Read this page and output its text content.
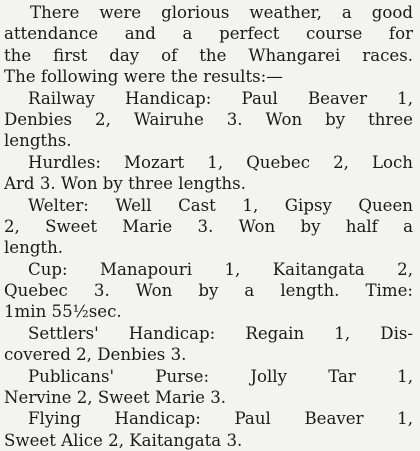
There were glorious weather, a good
attendance and a perfect course for
the first day of the Whangarei races.
The following were the results:—
Railway Handicap: Paul Beaver 1,
Denbies 2, Wairuhe 3. Won by three
lengths.
Hurdles: Mozart 1, Quebec 2, Loch
Ard 3. Won by three lengths.
Welter: Well Cast 1, Gipsy Queen
2, Sweet Marie 3. Won by half a
length.
Cup: Manapouri 1, Kaitangata 2,
Quebec 3. Won by a length. Time:
1min 55½sec.
Settlers' Handicap: Regain 1, Dis-
covered 2, Denbies 3.
Publicans' Purse: Jolly Tar 1,
Nervine 2, Sweet Marie 3.
Flying Handicap: Paul Beaver 1,
Sweet Alice 2, Kaitangata 3.
